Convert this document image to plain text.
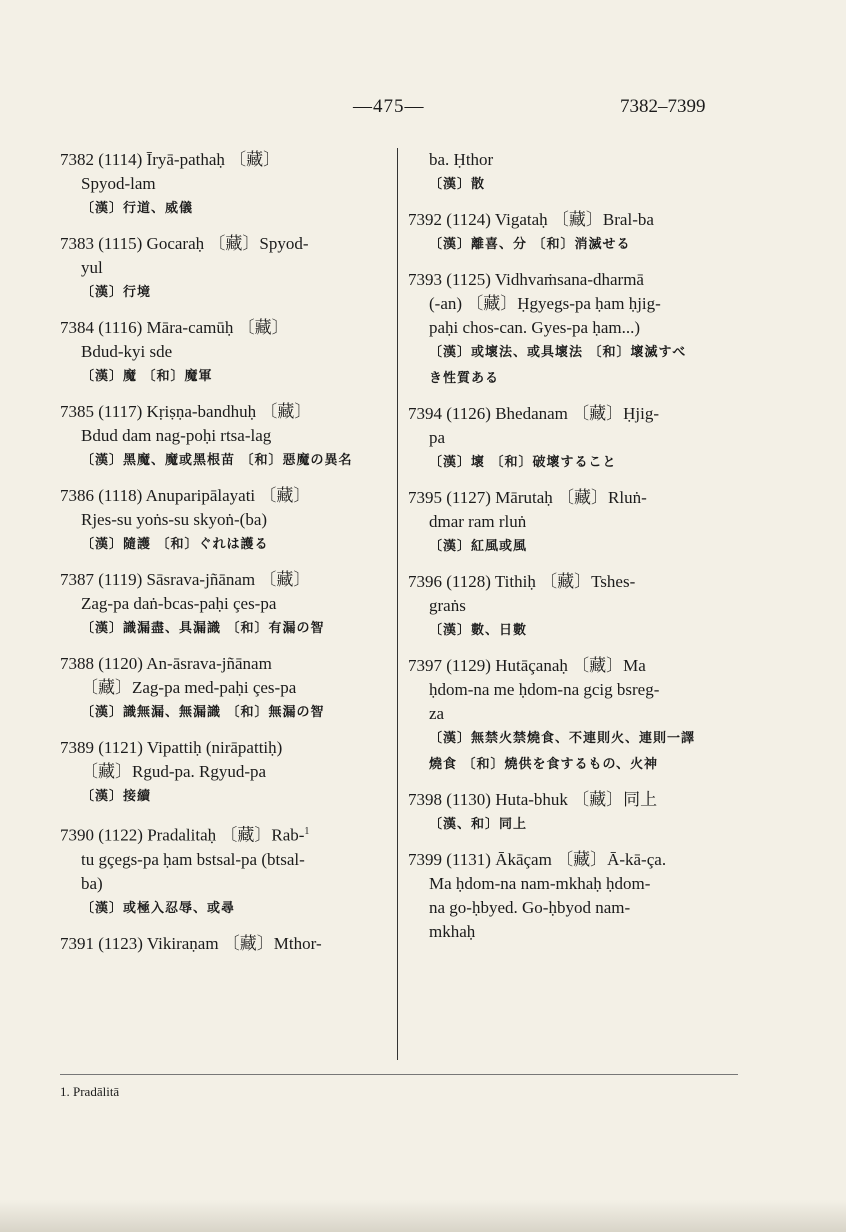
—475—	7382–7399
7382 (1114) Īryā-pathaḥ 〔藏〕
Spyod-lam
〔漢〕行道、威儀
7383 (1115) Gocaraḥ 〔藏〕Spyod-
yul
〔漢〕行境
7384 (1116) Māra-camūḥ 〔藏〕
Bdud-kyi sde
〔漢〕魔 〔和〕魔軍
7385 (1117) Kṛiṣṇa-bandhuḥ 〔藏〕
Bdud dam nag-poḥi rtsa-lag
〔漢〕黑魔、魔或黑根苗 〔和〕惡魔の異名
7386 (1118) Anuparipālayati 〔藏〕
Rjes-su yoṅs-su skyoṅ-(ba)
〔漢〕隨護 〔和〕ぐれは護る
7387 (1119) Sāsrava-jñānam 〔藏〕
Zag-pa daṅ-bcas-paḥi çes-pa
〔漢〕識漏盡、具漏識 〔和〕有漏の智
7388 (1120) An-āsrava-jñānam
〔藏〕Zag-pa med-paḥi çes-pa
〔漢〕識無漏、無漏識 〔和〕無漏の智
7389 (1121) Vipattiḥ (nirāpattiḥ)
〔藏〕Rgud-pa. Rgyud-pa
〔漢〕接續
7390 (1122) Pradalitaḥ 〔藏〕Rab-$^1$
tu gçegs-pa ḥam bstsal-pa (btsal-
ba)
〔漢〕或極入忍辱、或尋
7391 (1123) Vikiraṇam 〔藏〕Mthor-
ba. Ḥthor
〔漢〕散
7392 (1124) Vigataḥ 〔藏〕Bral-ba
〔漢〕離喜、分 〔和〕消滅せる
7393 (1125) Vidhvaṁsana-dharmā
(-an) 〔藏〕Ḥgyegs-pa ḥam ḥjig-
paḥi chos-can. Gyes-pa ḥam...)
〔漢〕或壞法、或具壞法 〔和〕壞滅すべ
き性質ある
7394 (1126) Bhedanam 〔藏〕Ḥjig-
pa
〔漢〕壞 〔和〕破壞すること
7395 (1127) Mārutaḥ 〔藏〕Rluṅ-
dmar ram rluṅ
〔漢〕紅風或風
7396 (1128) Tithiḥ 〔藏〕Tshes-
graṅs
〔漢〕數、日數
7397 (1129) Hutāçanaḥ 〔藏〕Ma
ḥdom-na me ḥdom-na gcig bsreg-
za
〔漢〕無禁火禁燒食、不連則火、連則一譯
燒食 〔和〕燒供を食するもの、火神
7398 (1130) Huta-bhuk 〔藏〕同上
〔漢、和〕同上
7399 (1131) Ākāçam 〔藏〕Ā-kā-ça.
Ma ḥdom-na nam-mkhaḥ ḥdom-
na go-ḥbyed. Go-ḥbyod nam-
mkhaḥ
1. Pradālitā
